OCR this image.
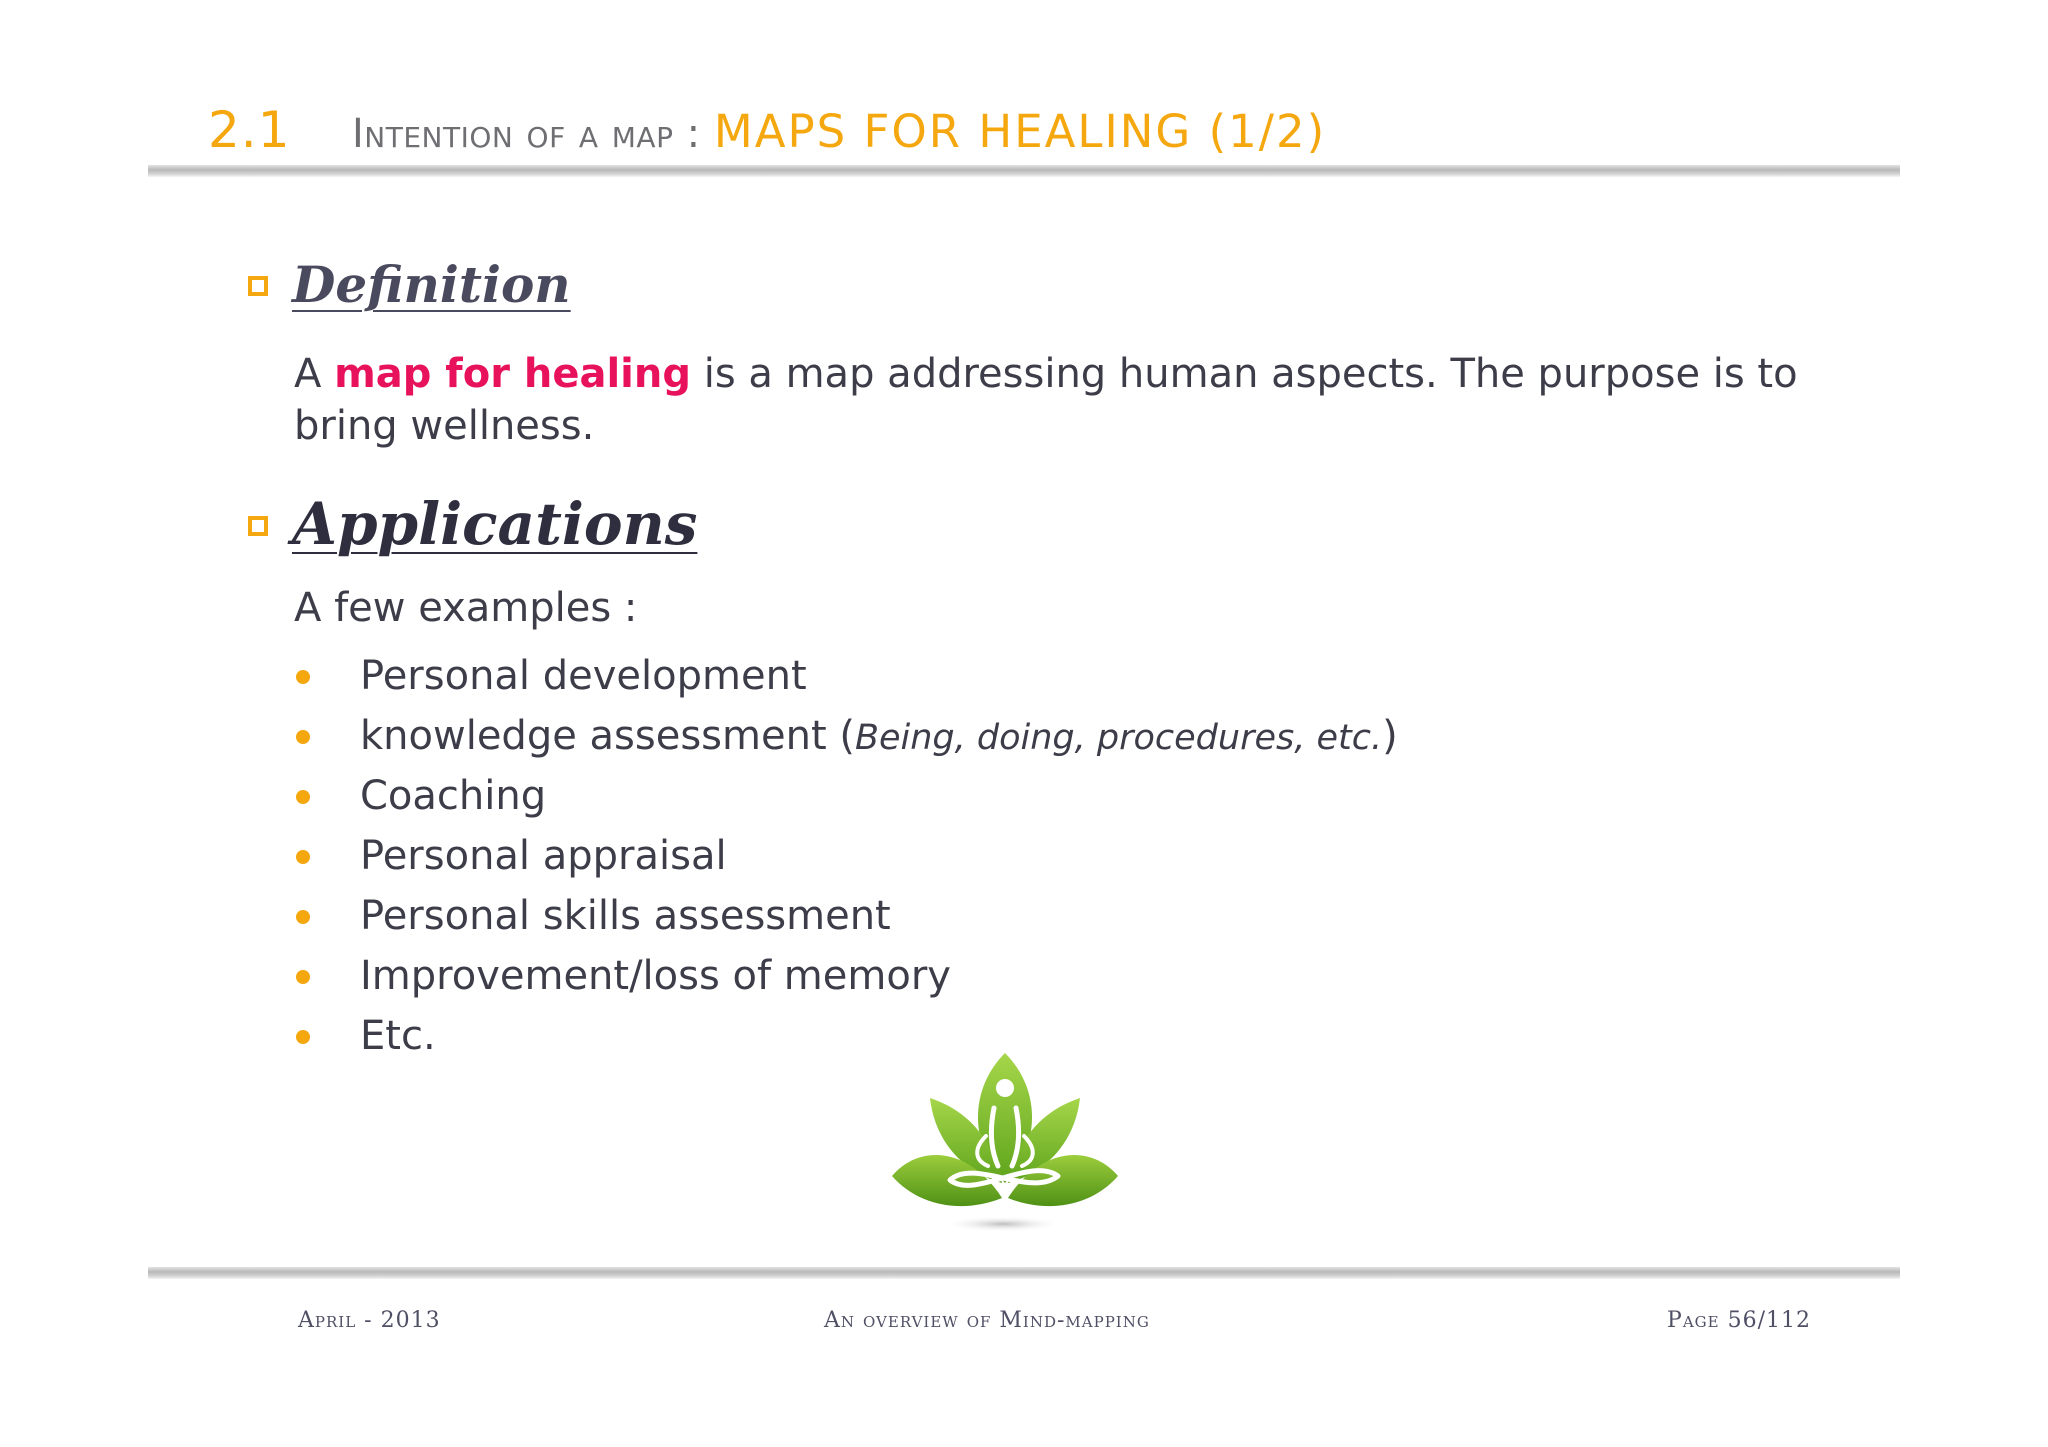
2.1 Intention of a map : MAPS FOR HEALING (1/2)
Definition
A map for healing is a map addressing human aspects. The purpose is to bring wellness.
Applications
A few examples :
Personal development
knowledge assessment (Being, doing, procedures, etc.)
Coaching
Personal appraisal
Personal skills assessment
Improvement/loss of memory
Etc.
April - 2013	An overview of Mind-mapping	Page 56/112
